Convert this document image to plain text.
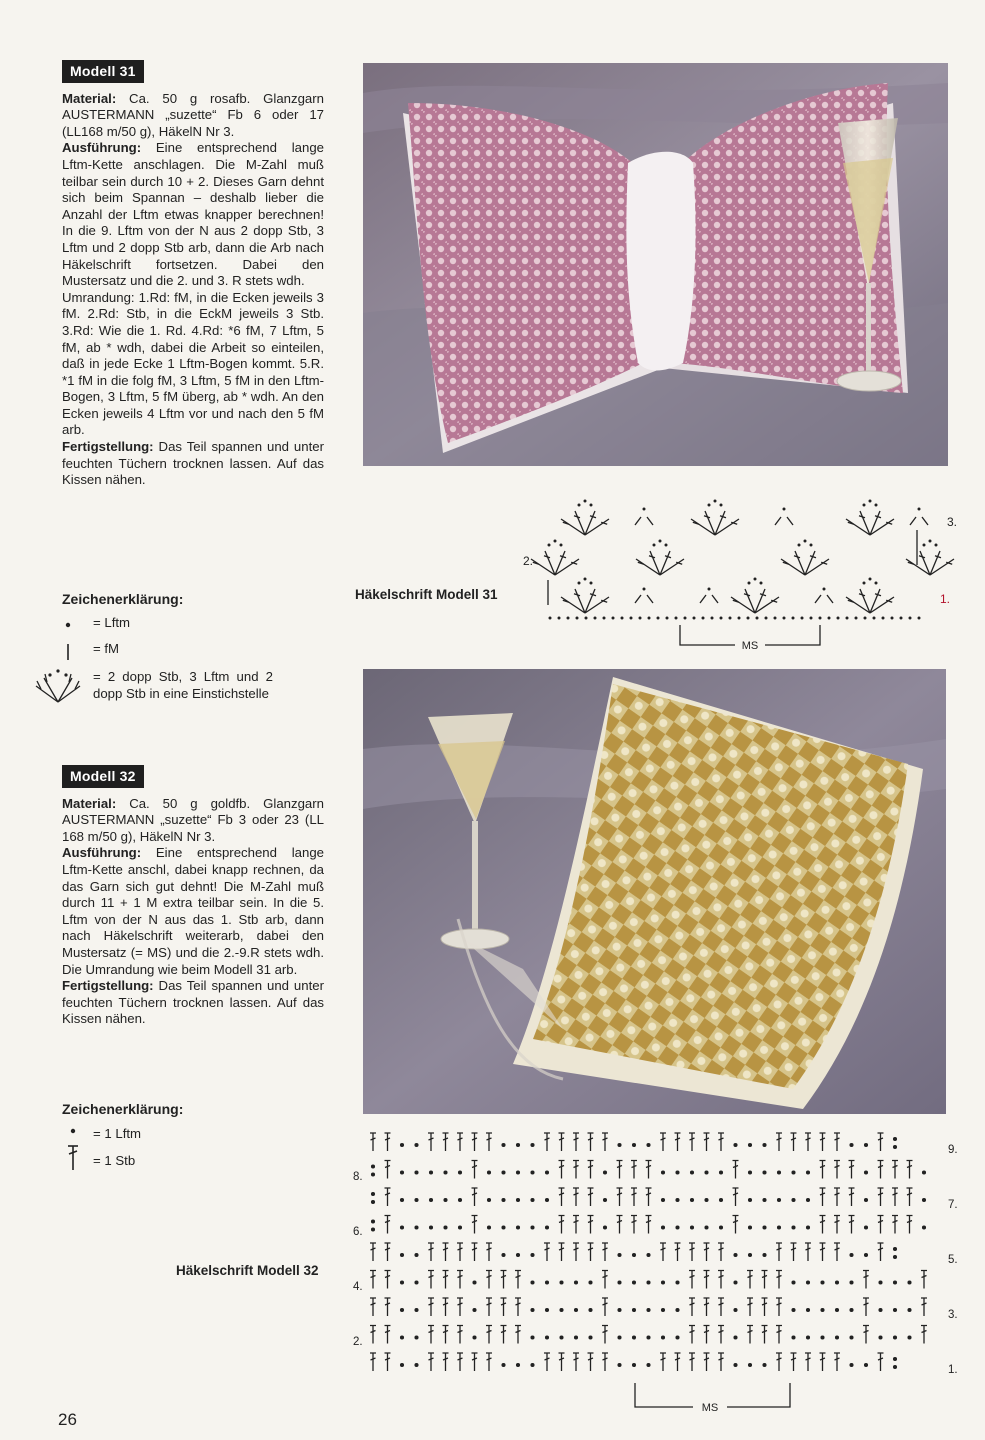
Modell 31

Material: Ca. 50 g rosafb. Glanzgarn AUSTERMANN „suzette“ Fb 6 oder 17 (LL168 m/50 g), HäkelN Nr 3.

Ausführung: Eine entsprechend lange Lftm-Kette anschlagen. Die M-Zahl muß teilbar sein durch 10 + 2. Dieses Garn dehnt sich beim Spannan – deshalb lieber die Anzahl der Lftm etwas knapper berechnen! In die 9. Lftm von der N aus 2 dopp Stb, 3 Lftm und 2 dopp Stb arb, dann die Arb nach Häkelschrift fortsetzen. Dabei den Mustersatz und die 2. und 3. R stets wdh.

Umrandung: 1.Rd: fM, in die Ecken jeweils 3 fM. 2.Rd: Stb, in die EckM jeweils 3 Stb. 3.Rd: Wie die 1. Rd. 4.Rd: *6 fM, 7 Lftm, 5 fM, ab * wdh, dabei die Arbeit so einteilen, daß in jede Ecke 1 Lftm-Bogen kommt. 5.R. *1 fM in die folg fM, 3 Lftm, 5 fM in den Lftm-Bogen, 3 Lftm, 5 fM überg, ab * wdh. An den Ecken jeweils 4 Lftm vor und nach den 5 fM arb.

Fertigstellung: Das Teil spannen und unter feuchten Tüchern trocknen lassen. Auf das Kissen nähen.

Zeichenerklärung:

= Lftm
= fM
= 2 dopp Stb, 3 Lftm und 2 dopp Stb in eine Einstichstelle
MS
3.
2.
1.
Häkelschrift Modell 31
Modell 32

Material: Ca. 50 g goldfb. Glanzgarn AUSTERMANN „suzette“ Fb 3 oder 23 (LL 168 m/50 g), HäkelN Nr 3.

Ausführung: Eine entsprechend lange Lftm-Kette anschl, dabei knapp rechnen, da das Garn sich gut dehnt! Die M-Zahl muß durch 11 + 1 M extra teilbar sein. In die 5. Lftm von der N aus das 1. Stb arb, dann nach Häkelschrift weiterarb, dabei den Mustersatz (= MS) und die 2.-9.R stets wdh. Die Umrandung wie beim Modell 31 arb.

Fertigstellung: Das Teil spannen und unter feuchten Tüchern trocknen lassen. Auf das Kissen nähen.

Zeichenerklärung:

= 1 Lftm
= 1 Stb
9.
7.
5.
3.
1.
8.
6.
4.
2.
MS
Häkelschrift Modell 32
26
